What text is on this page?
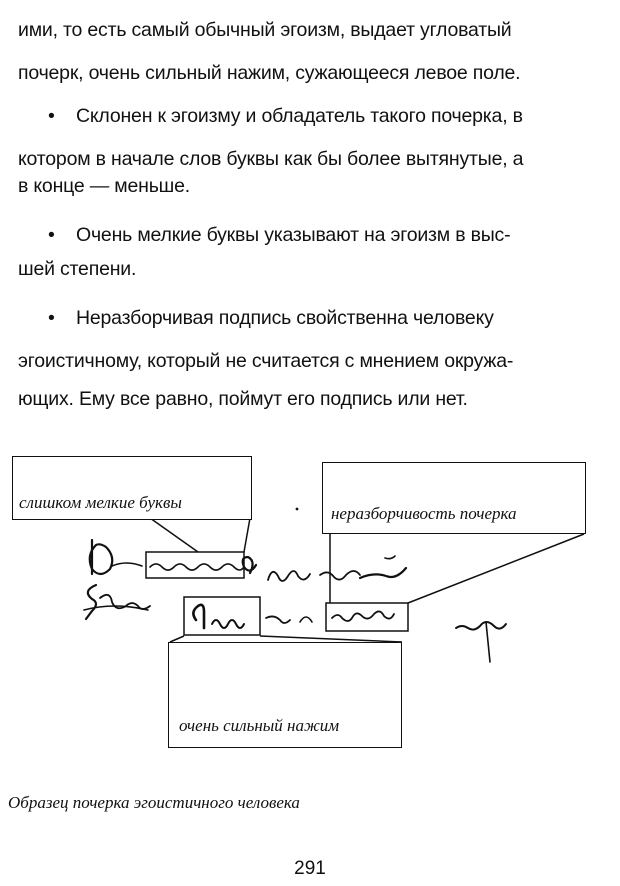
ими, то есть самый обычный эгоизм, выдает угловатый
почерк, очень сильный нажим, сужающееся левое поле.
• Склонен к эгоизму и обладатель такого почерка, в
котором в начале слов буквы как бы более вытянутые, а
в конце — меньше.
• Очень мелкие буквы указывают на эгоизм в выс-
шей степени.
• Неразборчивая подпись свойственна человеку
эгоистичному, который не считается с мнением окружа-
ющих. Ему все равно, поймут его подпись или нет.
слишком мелкие буквы
неразборчивость почерка
очень сильный нажим
Образец почерка эгоистичного человека
291
